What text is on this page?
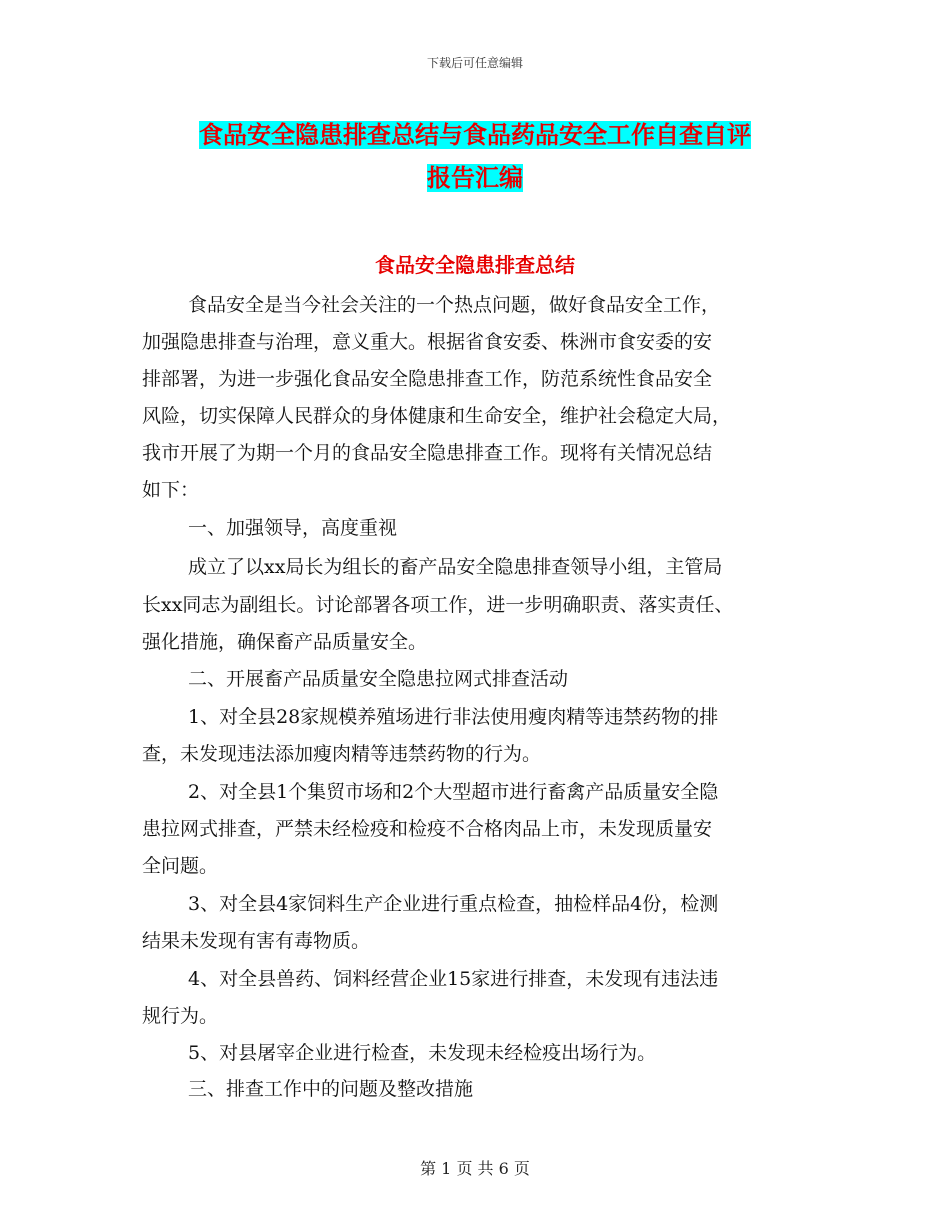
下载后可任意编辑
食品安全隐患排查总结与食品药品安全工作自查自评
报告汇编
食品安全隐患排查总结
食品安全是当今社会关注的一个热点问题，做好食品安全工作，
加强隐患排查与治理，意义重大。根据省食安委、株洲市食安委的安
排部署，为进一步强化食品安全隐患排查工作，防范系统性食品安全
风险，切实保障人民群众的身体健康和生命安全，维护社会稳定大局，
我市开展了为期一个月的食品安全隐患排查工作。现将有关情况总结
如下：
一、加强领导，高度重视
成立了以xx局长为组长的畜产品安全隐患排查领导小组，主管局
长xx同志为副组长。讨论部署各项工作，进一步明确职责、落实责任、
强化措施，确保畜产品质量安全。
二、开展畜产品质量安全隐患拉网式排查活动
1、对全县28家规模养殖场进行非法使用瘦肉精等违禁药物的排
查，未发现违法添加瘦肉精等违禁药物的行为。
2、对全县1个集贸市场和2个大型超市进行畜禽产品质量安全隐
患拉网式排查，严禁未经检疫和检疫不合格肉品上市，未发现质量安
全问题。
3、对全县4家饲料生产企业进行重点检查，抽检样品4份，检测
结果未发现有害有毒物质。
4、对全县兽药、饲料经营企业15家进行排查，未发现有违法违
规行为。
5、对县屠宰企业进行检查，未发现未经检疫出场行为。
三、排查工作中的问题及整改措施
第 1 页 共 6 页
